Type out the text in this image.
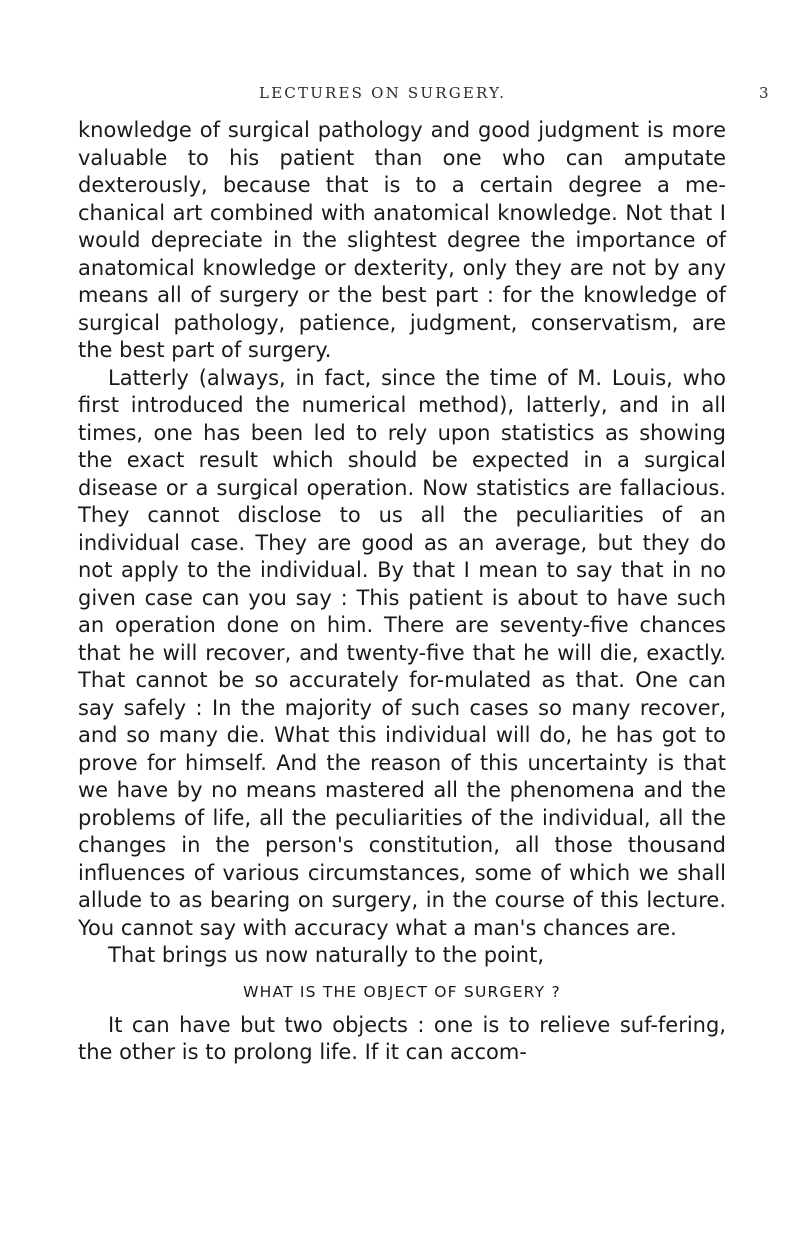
LECTURES ON SURGERY.	3

knowledge of surgical pathology and good judgment is more valuable to his patient than one who can amputate dexterously, because that is to a certain degree a me-chanical art combined with anatomical knowledge. Not that I would depreciate in the slightest degree the importance of anatomical knowledge or dexterity, only they are not by any means all of surgery or the best part : for the knowledge of surgical pathology, patience, judgment, conservatism, are the best part of surgery.

Latterly (always, in fact, since the time of M. Louis, who first introduced the numerical method), latterly, and in all times, one has been led to rely upon statistics as showing the exact result which should be expected in a surgical disease or a surgical operation. Now statistics are fallacious. They cannot disclose to us all the peculiarities of an individual case. They are good as an average, but they do not apply to the individual. By that I mean to say that in no given case can you say : This patient is about to have such an operation done on him. There are seventy-five chances that he will recover, and twenty-five that he will die, exactly. That cannot be so accurately for-mulated as that. One can say safely : In the majority of such cases so many recover, and so many die. What this individual will do, he has got to prove for himself. And the reason of this uncertainty is that we have by no means mastered all the phenomena and the problems of life, all the peculiarities of the individual, all the changes in the person's constitution, all those thousand influences of various circumstances, some of which we shall allude to as bearing on surgery, in the course of this lecture. You cannot say with accuracy what a man's chances are.

That brings us now naturally to the point,

WHAT IS THE OBJECT OF SURGERY ?

It can have but two objects : one is to relieve suf-fering, the other is to prolong life. If it can accom-
